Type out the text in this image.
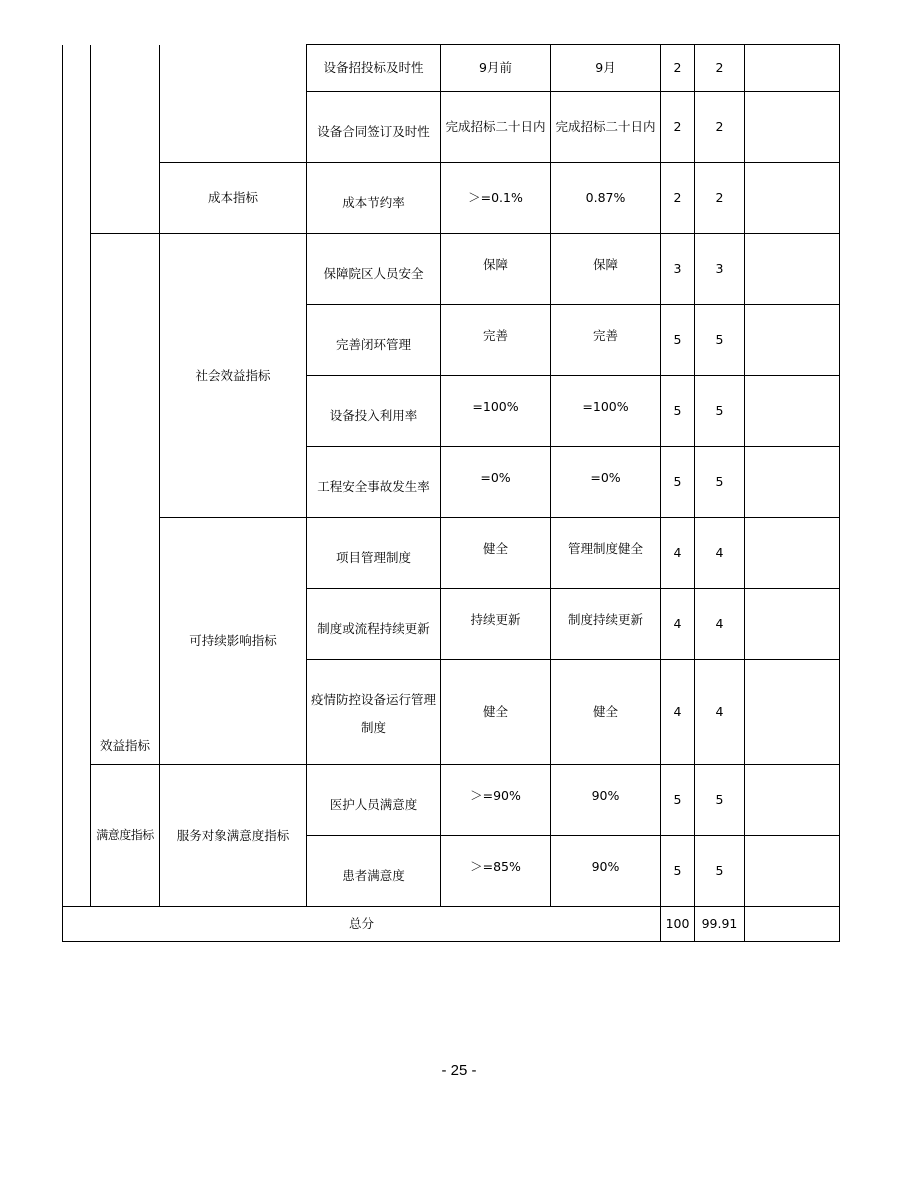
			设备招投标及时性	9月前	9月	2	2	
			设备合同签订及时性	完成招标二十日内	完成招标二十日内	2	2	
		成本指标	成本节约率	＞=0.1%	0.87%	2	2	
	效益指标	社会效益指标	保障院区人员安全	保障	保障	3	3	
			完善闭环管理	完善	完善	5	5	
			设备投入利用率	=100%	=100%	5	5	
			工程安全事故发生率	=0%	=0%	5	5	
		可持续影响指标	项目管理制度	健全	管理制度健全	4	4	
			制度或流程持续更新	持续更新	制度持续更新	4	4	
			疫情防控设备运行管理制度	健全	健全	4	4	
	满意度指标	服务对象满意度指标	医护人员满意度	＞=90%	90%	5	5	
			患者满意度	＞=85%	90%	5	5	
总分						100	99.91	
- 25 -
